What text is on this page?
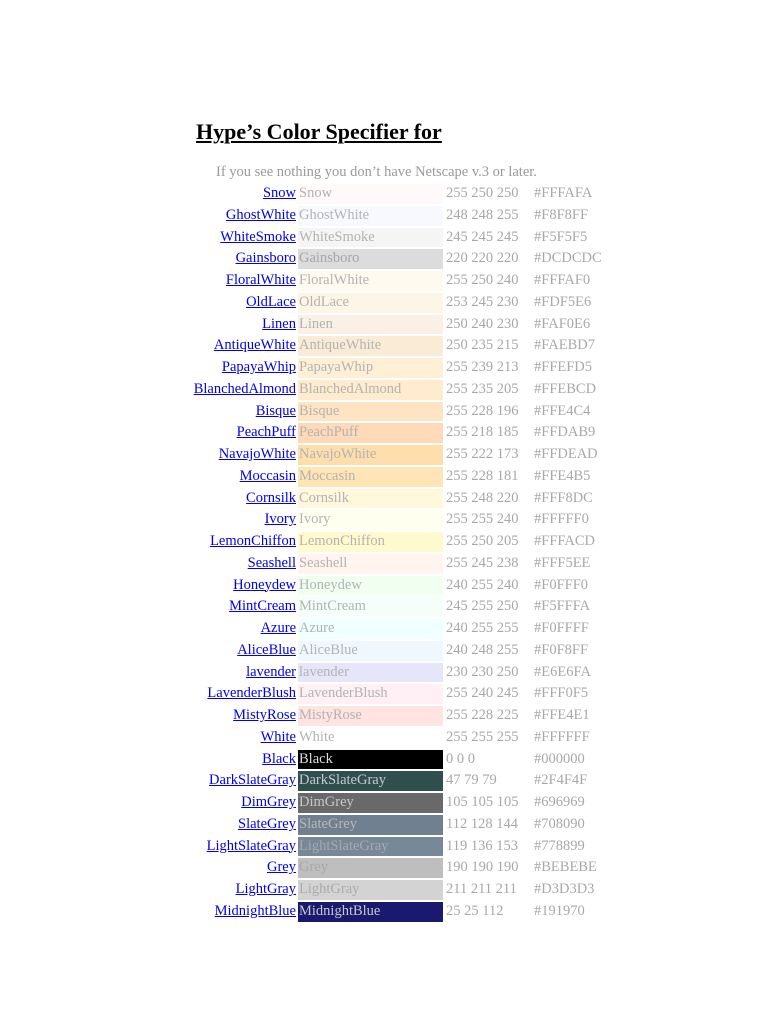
Hype’s Color Specifier for
If you see nothing you don’t have Netscape v.3 or later.
Snow Snow	255 250 250 #FFFAFA
GhostWhite GhostWhite	248 248 255 #F8F8FF
WhiteSmoke WhiteSmoke	245 245 245 #F5F5F5
Gainsboro Gainsboro	220 220 220 #DCDCDC
FloralWhite FloralWhite	255 250 240 #FFFAF0
OldLace OldLace	253 245 230 #FDF5E6
Linen Linen	250 240 230 #FAF0E6
AntiqueWhite AntiqueWhite	250 235 215 #FAEBD7
PapayaWhip PapayaWhip	255 239 213 #FFEFD5
BlanchedAlmond BlanchedAlmond	255 235 205 #FFEBCD
Bisque Bisque	255 228 196 #FFE4C4
PeachPuff PeachPuff	255 218 185 #FFDAB9
NavajoWhite NavajoWhite	255 222 173 #FFDEAD
Moccasin Moccasin	255 228 181 #FFE4B5
Cornsilk Cornsilk	255 248 220 #FFF8DC
Ivory Ivory	255 255 240 #FFFFF0
LemonChiffon LemonChiffon	255 250 205 #FFFACD
Seashell Seashell	255 245 238 #FFF5EE
Honeydew Honeydew	240 255 240 #F0FFF0
MintCream MintCream	245 255 250 #F5FFFA
Azure Azure	240 255 255 #F0FFFF
AliceBlue AliceBlue	240 248 255 #F0F8FF
lavender lavender	230 230 250 #E6E6FA
LavenderBlush LavenderBlush	255 240 245 #FFF0F5
MistyRose MistyRose	255 228 225 #FFE4E1
White White	255 255 255 #FFFFFF
Black Black	0 0 0	#000000
DarkSlateGray DarkSlateGray	47 79 79	#2F4F4F
DimGrey DimGrey	105 105 105 #696969
SlateGrey SlateGrey	112 128 144 #708090
LightSlateGray LightSlateGray	119 136 153 #778899
Grey Grey	190 190 190 #BEBEBE
LightGray LightGray	211 211 211 #D3D3D3
MidnightBlue MidnightBlue	25 25 112 #191970
